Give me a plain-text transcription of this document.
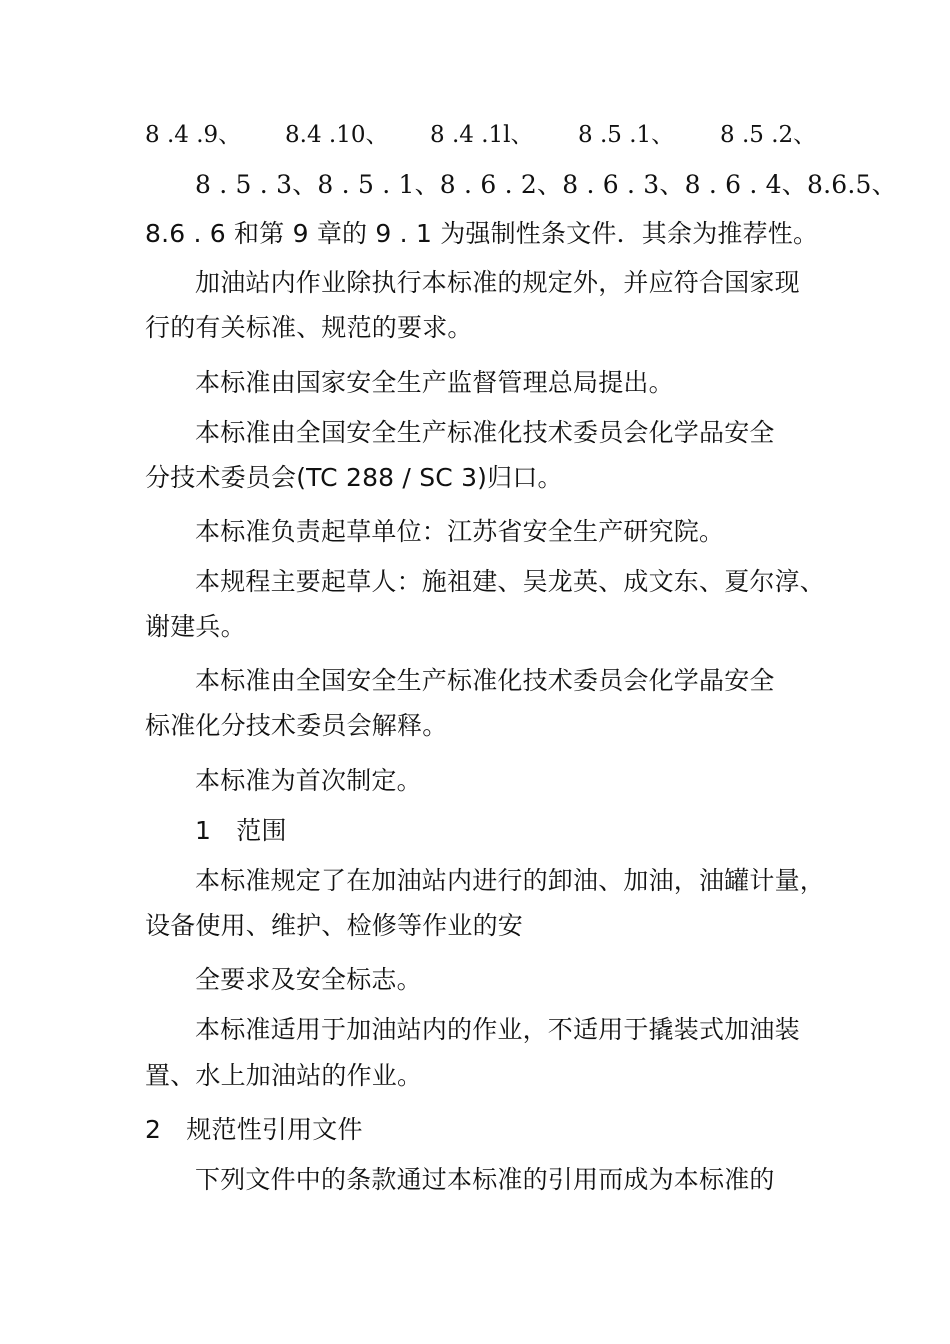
8 .4 .9、 8.4 .10、 8 .4 .1l、 8 .5 .1、 8 .5 .2、
8 . 5 . 3、8 . 5 . 1、8 . 6 . 2、8 . 6 . 3、8 . 6 . 4、8.6.5、
8.6 . 6 和第 9 章的 9 . 1 为强制性条文件．其余为推荐性。
加油站内作业除执行本标准的规定外，并应符合国家现
行的有关标准、规范的要求。
本标准由国家安全生产监督管理总局提出。
本标准由全国安全生产标准化技术委员会化学品安全
分技术委员会(TC 288 / SC 3)归口。
本标准负责起草单位：江苏省安全生产研究院。
本规程主要起草人：施祖建、吴龙英、成文东、夏尔淳、
谢建兵。
本标准由全国安全生产标准化技术委员会化学晶安全
标准化分技术委员会解释。
本标准为首次制定。
1　范围
本标准规定了在加油站内进行的卸油、加油，油罐计量，
设备使用、维护、检修等作业的安
全要求及安全标志。
本标准适用于加油站内的作业，不适用于撬装式加油装
置、水上加油站的作业。
2　规范性引用文件
下列文件中的条款通过本标准的引用而成为本标准的
